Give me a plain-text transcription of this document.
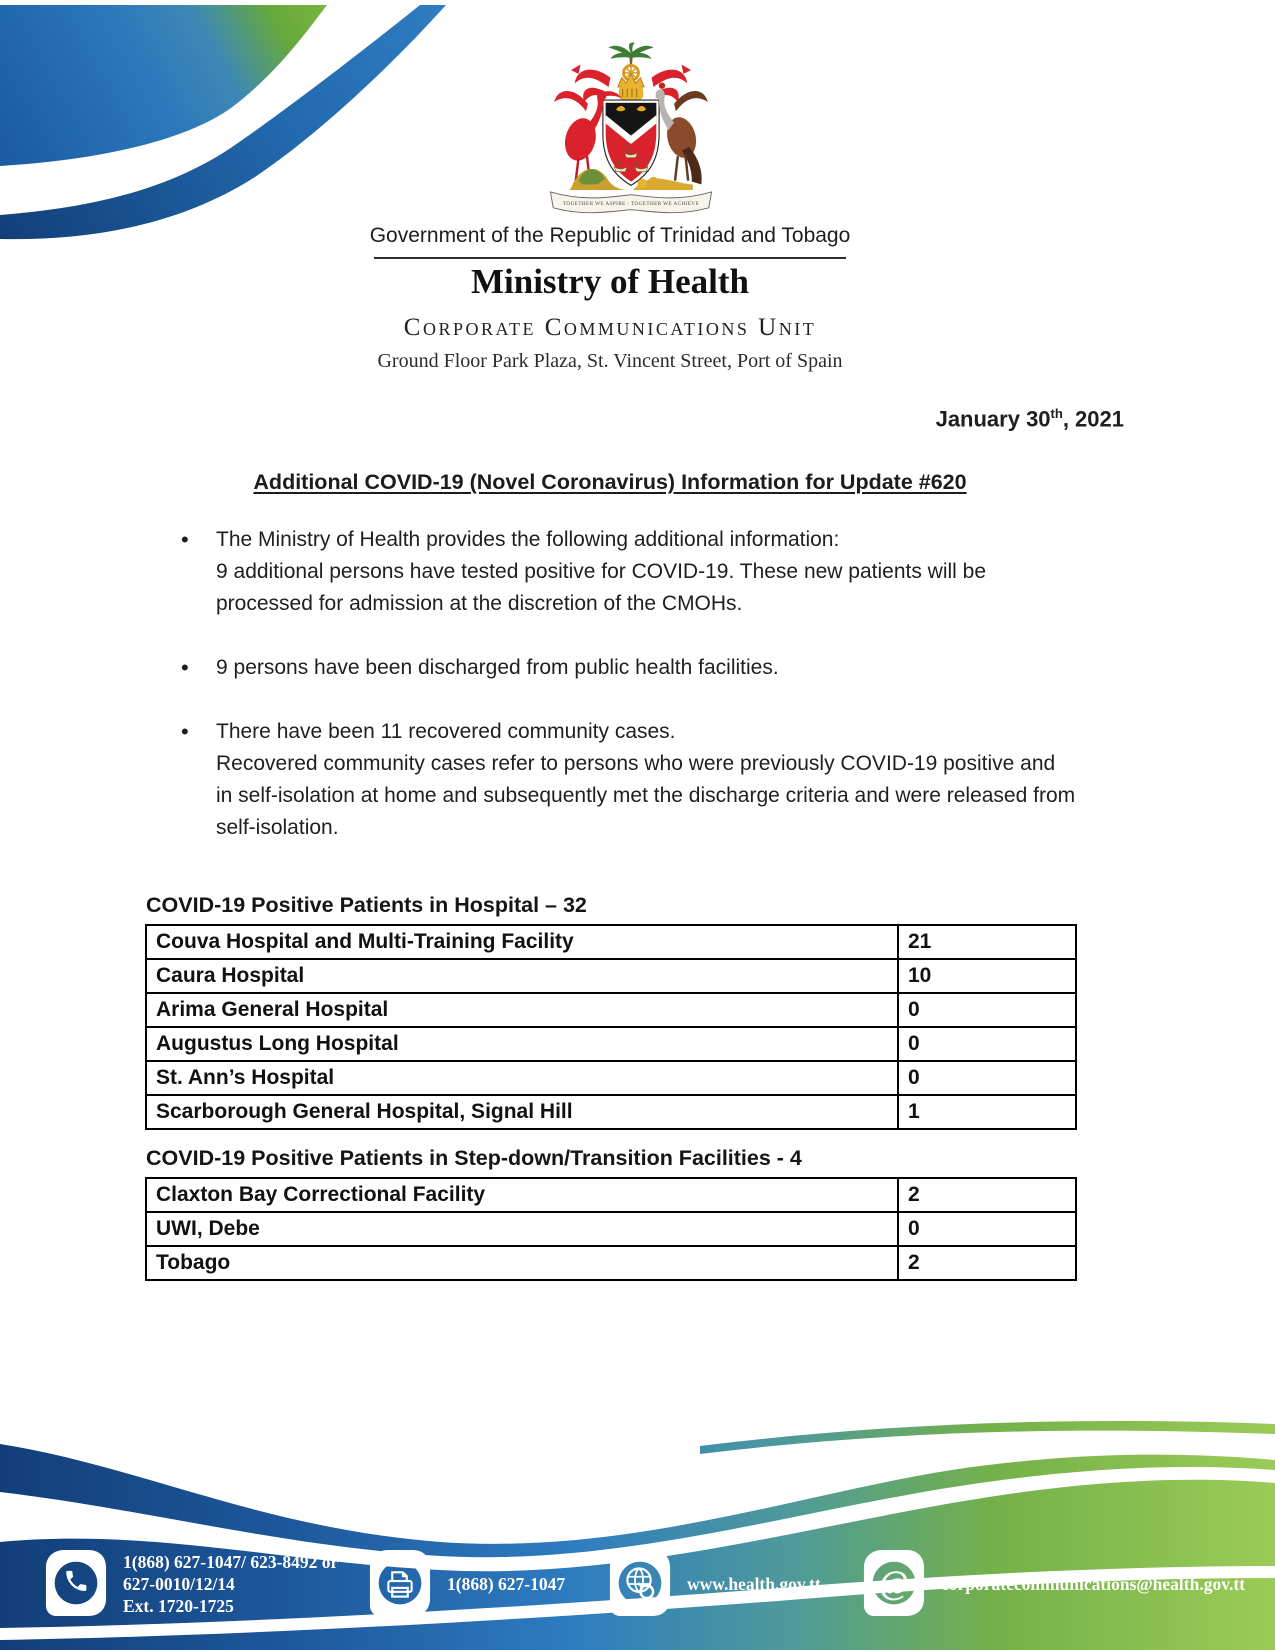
TOGETHER WE ASPIRE · TOGETHER WE ACHIEVE
Government of the Republic of Trinidad and Tobago
Ministry of Health
Corporate Communications Unit
Ground Floor Park Plaza, St. Vincent Street, Port of Spain
January 30th, 2021
Additional COVID-19 (Novel Coronavirus) Information for Update #620

• The Ministry of Health provides the following additional information:

9 additional persons have tested positive for COVID-19. These new patients will be processed for admission at the discretion of the CMOHs.

• 9 persons have been discharged from public health facilities.

• There have been 11 recovered community cases.

Recovered community cases refer to persons who were previously COVID-19 positive and in self-isolation at home and subsequently met the discharge criteria and were released from self-isolation.

COVID-19 Positive Patients in Hospital – 32

Couva Hospital and Multi-Training Facility	21
Caura Hospital	10
Arima General Hospital	0
Augustus Long Hospital	0
St. Ann’s Hospital	0
Scarborough General Hospital, Signal Hill	1

COVID-19 Positive Patients in Step-down/Transition Facilities - 4

Claxton Bay Correctional Facility	2
UWI, Debe	0
Tobago	2
1(868) 627-1047/ 623-8492 or
627-0010/12/14
Ext. 1720-1725
1(868) 627-1047	www.health.gov.tt @ corporatecommunications@health.gov.tt
